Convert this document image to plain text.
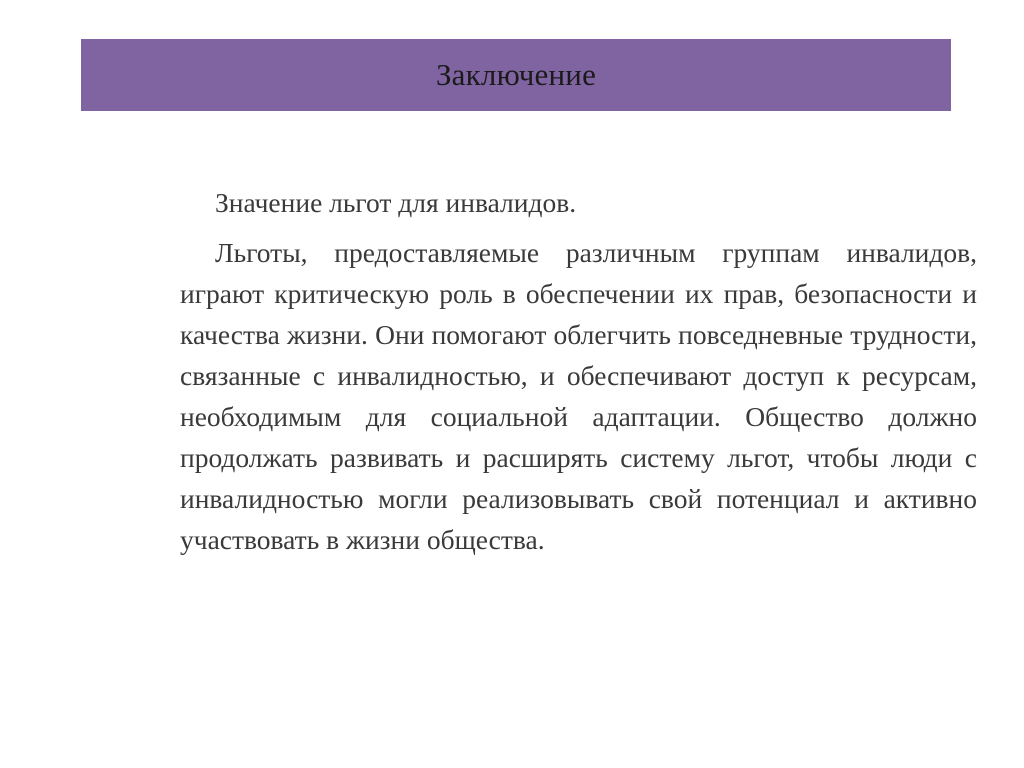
Заключение

Значение льгот для инвалидов.

Льготы, предоставляемые различным группам инвалидов, играют критическую роль в обеспечении их прав, безопасности и качества жизни. Они помогают облегчить повседневные трудности, связанные с инвалидностью, и обеспечивают доступ к ресурсам, необходимым для социальной адаптации. Общество должно продолжать развивать и расширять систему льгот, чтобы люди с инвалидностью могли реализовывать свой потенциал и активно участвовать в жизни общества.
